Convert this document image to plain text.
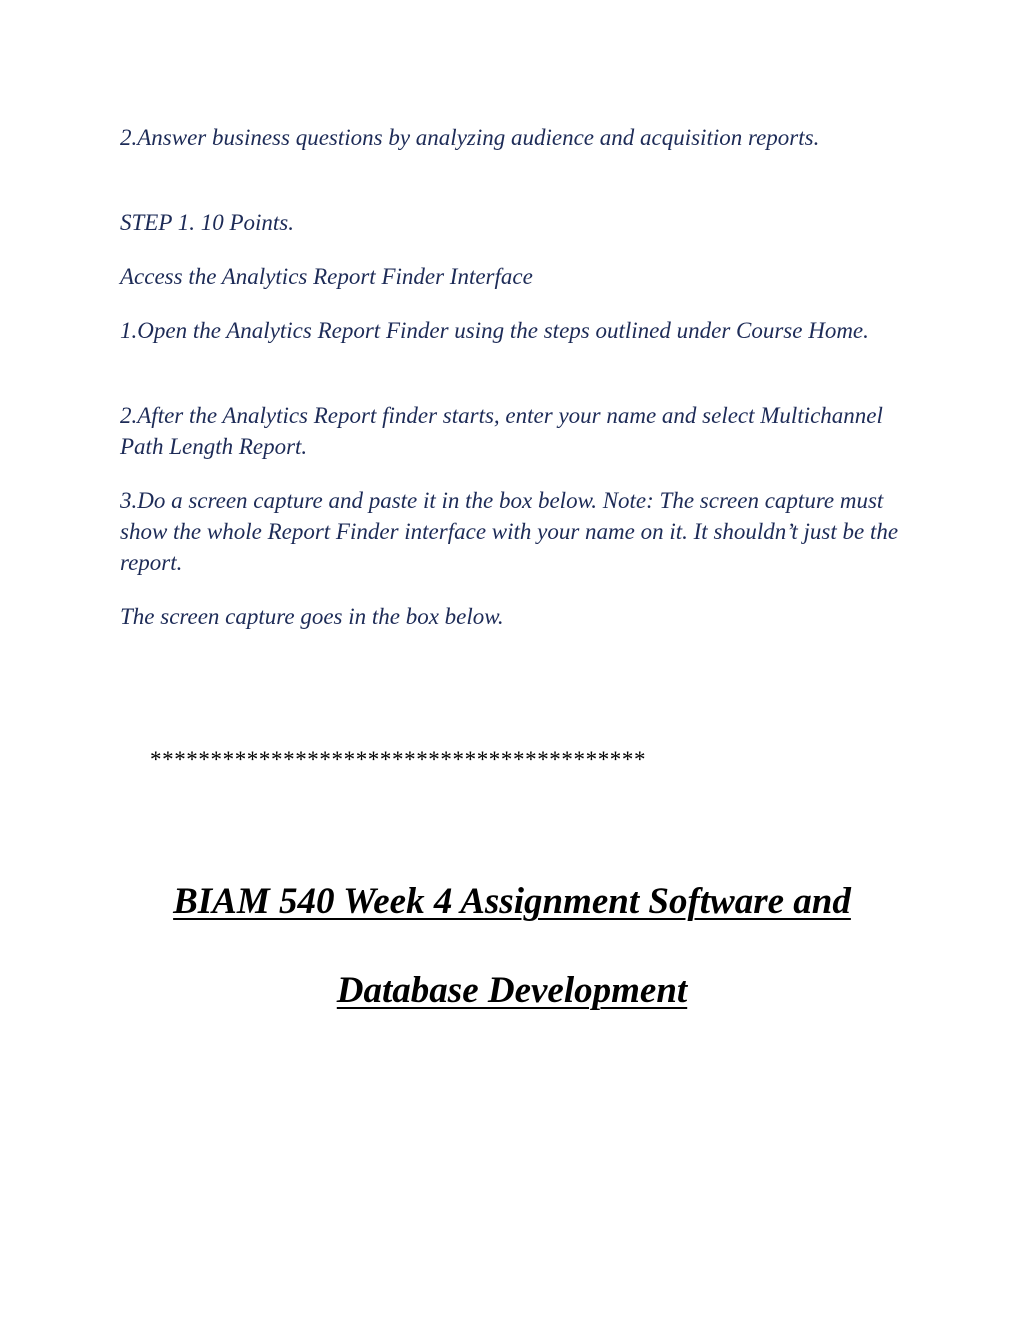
2.Answer business questions by analyzing audience and acquisition reports.

STEP 1. 10 Points.

Access the Analytics Report Finder Interface

1.Open the Analytics Report Finder using the steps outlined under Course Home.

2.After the Analytics Report finder starts, enter your name and select Multichannel Path Length Report.

3.Do a screen capture and paste it in the box below. Note: The screen capture must show the whole Report Finder interface with your name on it. It shouldn’t just be the report.

The screen capture goes in the box below.

*****************************************

BIAM 540 Week 4 Assignment Software and

Database Development
